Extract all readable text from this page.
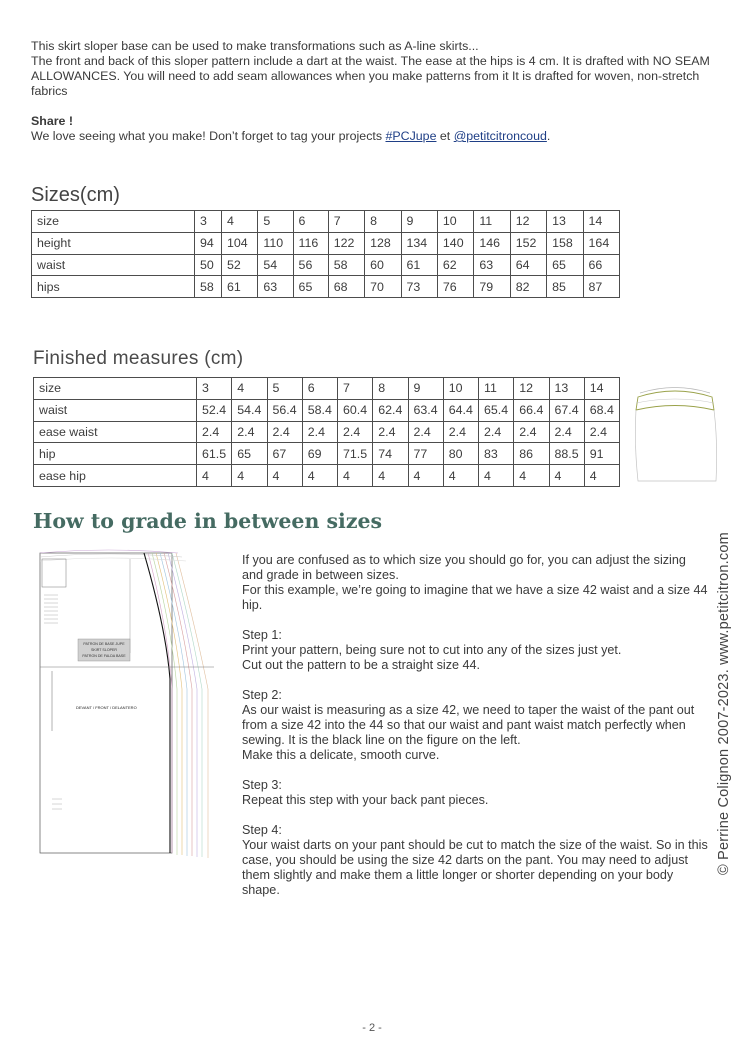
This skirt sloper base can be used to make transformations such as A-line skirts...

The front and back of this sloper pattern include a dart at the waist. The ease at the hips is 4 cm. It is drafted with NO SEAM ALLOWANCES. You will need to add seam allowances when you make patterns from it It is drafted for woven, non-stretch fabrics

Share !

We love seeing what you make! Don’t forget to tag your projects #PCJupe et @petitcitroncoud.

Sizes(cm)
size	3	4	5	6	7	8	9	10	11	12	13	14
height	94	104	110	116	122	128	134	140	146	152	158	164
waist	50	52	54	56	58	60	61	62	63	64	65	66
hips	58	61	63	65	68	70	73	76	79	82	85	87
Finished measures (cm)
size	3	4	5	6	7	8	9	10	11	12	13	14
waist	52.4	54.4	56.4	58.4	60.4	62.4	63.4	64.4	65.4	66.4	67.4	68.4
ease waist	2.4	2.4	2.4	2.4	2.4	2.4	2.4	2.4	2.4	2.4	2.4	2.4
hip	61.5	65	67	69	71.5	74	77	80	83	86	88.5	91
ease hip	4	4	4	4	4	4	4	4	4	4	4	4
How to grade in between sizes
PATRON DE BASE JUPE
SKIRT SLOPER
PATRON DE FALDA BASE
DEVANT / FRONT / DELANTERO

If you are confused as to which size you should go for, you can adjust the sizing and grade in between sizes.

For this example, we’re going to imagine that we have a size 42 waist and a size 44 hip.

Step 1:

Print your pattern, being sure not to cut into any of the sizes just yet.

Cut out the pattern to be a straight size 44.

Step 2:

As our waist is measuring as a size 42, we need to taper the waist of the pant out from a size 42 into the 44 so that our waist and pant waist match perfectly when sewing. It is the black line on the figure on the left.

Make this a delicate, smooth curve.

Step 3:

Repeat this step with your back pant pieces.

Step 4:

Your waist darts on your pant should be cut to match the size of the waist. So in this case, you should be using the size 42 darts on the pant. You may need to adjust them slightly and make them a little longer or shorter depending on your body shape.

© Perrine Colignon 2007-2023. www.petitcitron.com
- 2 -
